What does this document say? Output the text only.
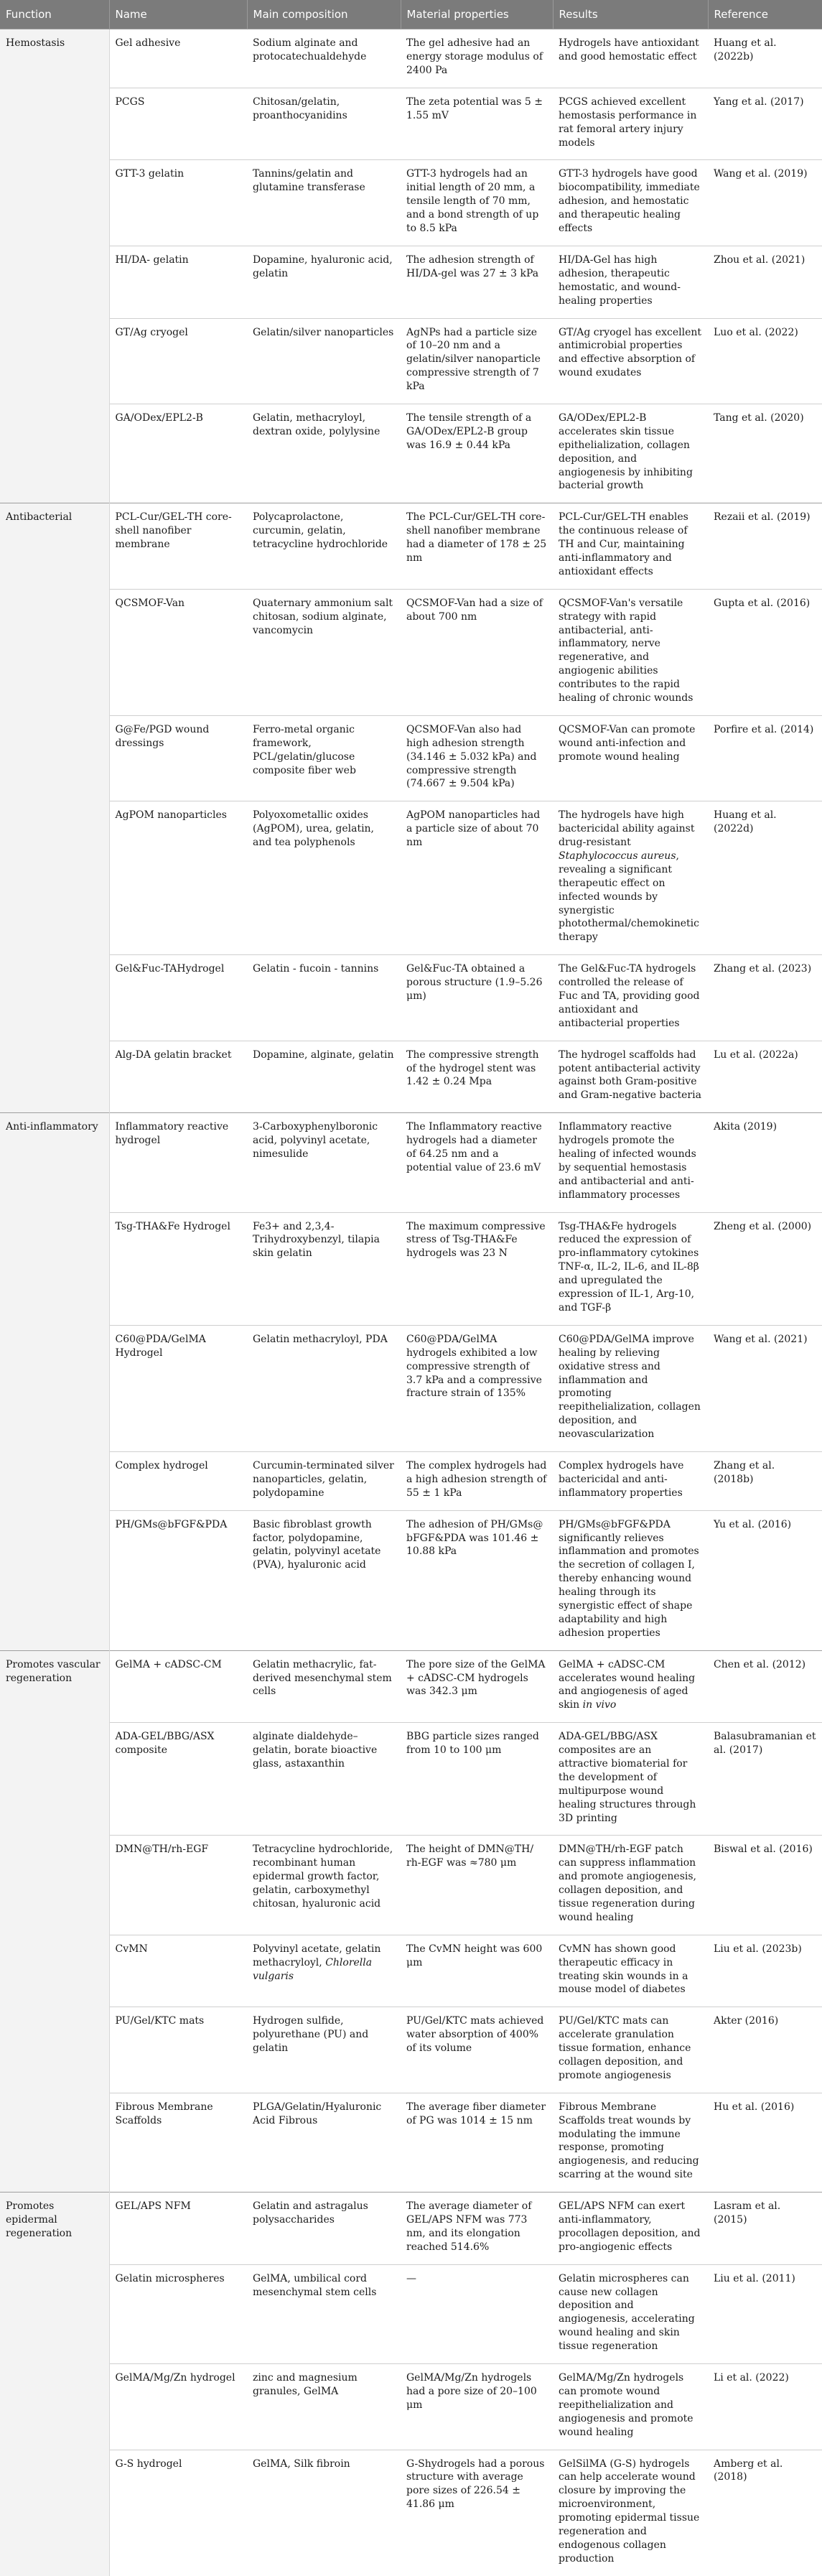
Function	Name	Main composition	Material properties	Results	Reference
Hemostasis	Gel adhesive	Sodium alginate and protocatechualdehyde	The gel adhesive had an energy storage modulus of 2400 Pa	Hydrogels have antioxidant and good hemostatic effect	Huang et al. (2022b)
	PCGS	Chitosan/gelatin, proanthocyanidins	The zeta potential was 5 ± 1.55 mV	PCGS achieved excellent hemostasis performance in rat femoral artery injury models	Yang et al. (2017)
	GTT-3 gelatin	Tannins/gelatin and glutamine transferase	GTT-3 hydrogels had an initial length of 20 mm, a tensile length of 70 mm, and a bond strength of up to 8.5 kPa	GTT-3 hydrogels have good biocompatibility, immediate adhesion, and hemostatic and therapeutic healing effects	Wang et al. (2019)
	HI/DA- gelatin	Dopamine, hyaluronic acid, gelatin	The adhesion strength of HI/DA-gel was 27 ± 3 kPa	HI/DA-Gel has high adhesion, therapeutic hemostatic, and wound-healing properties	Zhou et al. (2021)
	GT/Ag cryogel	Gelatin/silver nanoparticles	AgNPs had a particle size of 10–20 nm and a gelatin/silver nanoparticle compressive strength of 7 kPa	GT/Ag cryogel has excellent antimicrobial properties and effective absorption of wound exudates	Luo et al. (2022)
	GA/ODex/EPL2-B	Gelatin, methacryloyl, dextran oxide, polylysine	The tensile strength of a GA/ODex/EPL2-B group was 16.9 ± 0.44 kPa	GA/ODex/EPL2-B accelerates skin tissue epithelialization, collagen deposition, and angiogenesis by inhibiting bacterial growth	Tang et al. (2020)
Antibacterial	PCL-Cur/GEL-TH core-shell nanofiber membrane	Polycaprolactone, curcumin, gelatin, tetracycline hydrochloride	The PCL-Cur/GEL-TH core-shell nanofiber membrane had a diameter of 178 ± 25 nm	PCL-Cur/GEL-TH enables the continuous release of TH and Cur, maintaining anti-inflammatory and antioxidant effects	Rezaii et al. (2019)
	QCSMOF-Van	Quaternary ammonium salt chitosan, sodium alginate, vancomycin	QCSMOF-Van had a size of about 700 nm	QCSMOF-Van's versatile strategy with rapid antibacterial, anti-inflammatory, nerve regenerative, and angiogenic abilities contributes to the rapid healing of chronic wounds	Gupta et al. (2016)
	G@Fe/PGD wound dressings	Ferro-metal organic framework, PCL/gelatin/glucose composite fiber web	QCSMOF-Van also had high adhesion strength (34.146 ± 5.032 kPa) and compressive strength (74.667 ± 9.504 kPa)	QCSMOF-Van can promote wound anti-infection and promote wound healing	Porfire et al. (2014)
	AgPOM nanoparticles	Polyoxometallic oxides (AgPOM), urea, gelatin, and tea polyphenols	AgPOM nanoparticles had a particle size of about 70 nm	The hydrogels have high bactericidal ability against drug-resistant Staphylococcus aureus, revealing a significant therapeutic effect on infected wounds by synergistic photothermal/chemokinetic therapy	Huang et al. (2022d)
	Gel&Fuc-TAHydrogel	Gelatin - fucoin - tannins	Gel&Fuc-TA obtained a porous structure (1.9–5.26 μm)	The Gel&Fuc-TA hydrogels controlled the release of Fuc and TA, providing good antioxidant and antibacterial properties	Zhang et al. (2023)
	Alg-DA gelatin bracket	Dopamine, alginate, gelatin	The compressive strength of the hydrogel stent was 1.42 ± 0.24 Mpa	The hydrogel scaffolds had potent antibacterial activity against both Gram-positive and Gram-negative bacteria	Lu et al. (2022a)
Anti-inflammatory	Inflammatory reactive hydrogel	3-Carboxyphenylboronic acid, polyvinyl acetate, nimesulide	The Inflammatory reactive hydrogels had a diameter of 64.25 nm and a potential value of 23.6 mV	Inflammatory reactive hydrogels promote the healing of infected wounds by sequential hemostasis and antibacterial and anti-inflammatory processes	Akita (2019)
	Tsg-THA&Fe Hydrogel	Fe3+ and 2,3,4-Trihydroxybenzyl, tilapia skin gelatin	The maximum compressive stress of Tsg-THA&Fe hydrogels was 23 N	Tsg-THA&Fe hydrogels reduced the expression of pro-inflammatory cytokines TNF-α, IL-2, IL-6, and IL-8β and upregulated the expression of IL-1, Arg-10, and TGF-β	Zheng et al. (2000)
	C60@PDA/GelMA Hydrogel	Gelatin methacryloyl, PDA	C60@PDA/GelMA hydrogels exhibited a low compressive strength of 3.7 kPa and a compressive fracture strain of 135%	C60@PDA/GelMA improve healing by relieving oxidative stress and inflammation and promoting reepithelialization, collagen deposition, and neovascularization	Wang et al. (2021)
	Complex hydrogel	Curcumin-terminated silver nanoparticles, gelatin, polydopamine	The complex hydrogels had a high adhesion strength of 55 ± 1 kPa	Complex hydrogels have bactericidal and anti-inflammatory properties	Zhang et al. (2018b)
	PH/GMs@bFGF&PDA	Basic fibroblast growth factor, polydopamine, gelatin, polyvinyl acetate (PVA), hyaluronic acid	The adhesion of PH/GMs@ bFGF&PDA was 101.46 ± 10.88 kPa	PH/GMs@bFGF&PDA significantly relieves inflammation and promotes the secretion of collagen I, thereby enhancing wound healing through its synergistic effect of shape adaptability and high adhesion properties	Yu et al. (2016)
Promotes vascular regeneration	GelMA + cADSC-CM	Gelatin methacrylic, fat-derived mesenchymal stem cells	The pore size of the GelMA + cADSC-CM hydrogels was 342.3 μm	GelMA + cADSC-CM accelerates wound healing and angiogenesis of aged skin in vivo	Chen et al. (2012)
	ADA-GEL/BBG/ASX composite	alginate dialdehyde–gelatin, borate bioactive glass, astaxanthin	BBG particle sizes ranged from 10 to 100 μm	ADA-GEL/BBG/ASX composites are an attractive biomaterial for the development of multipurpose wound healing structures through 3D printing	Balasubramanian et al. (2017)
	DMN@TH/rh-EGF	Tetracycline hydrochloride, recombinant human epidermal growth factor, gelatin, carboxymethyl chitosan, hyaluronic acid	The height of DMN@TH/ rh-EGF was ≈780 μm	DMN@TH/rh-EGF patch can suppress inflammation and promote angiogenesis, collagen deposition, and tissue regeneration during wound healing	Biswal et al. (2016)
	CvMN	Polyvinyl acetate, gelatin methacryloyl, Chlorella vulgaris	The CvMN height was 600 μm	CvMN has shown good therapeutic efficacy in treating skin wounds in a mouse model of diabetes	Liu et al. (2023b)
	PU/Gel/KTC mats	Hydrogen sulfide, polyurethane (PU) and gelatin	PU/Gel/KTC mats achieved water absorption of 400% of its volume	PU/Gel/KTC mats can accelerate granulation tissue formation, enhance collagen deposition, and promote angiogenesis	Akter (2016)
	Fibrous Membrane Scaffolds	PLGA/Gelatin/Hyaluronic Acid Fibrous	The average fiber diameter of PG was 1014 ± 15 nm	Fibrous Membrane Scaffolds treat wounds by modulating the immune response, promoting angiogenesis, and reducing scarring at the wound site	Hu et al. (2016)
Promotes epidermal regeneration	GEL/APS NFM	Gelatin and astragalus polysaccharides	The average diameter of GEL/APS NFM was 773 nm, and its elongation reached 514.6%	GEL/APS NFM can exert anti-inflammatory, procollagen deposition, and pro-angiogenic effects	Lasram et al. (2015)
	Gelatin microspheres	GelMA, umbilical cord mesenchymal stem cells	—	Gelatin microspheres can cause new collagen deposition and angiogenesis, accelerating wound healing and skin tissue regeneration	Liu et al. (2011)
	GelMA/Mg/Zn hydrogel	zinc and magnesium granules, GelMA	GelMA/Mg/Zn hydrogels had a pore size of 20–100 μm	GelMA/Mg/Zn hydrogels can promote wound reepithelialization and angiogenesis and promote wound healing	Li et al. (2022)
	G-S hydrogel	GelMA, Silk fibroin	G-Shydrogels had a porous structure with average pore sizes of 226.54 ± 41.86 μm	GelSilMA (G-S) hydrogels can help accelerate wound closure by improving the microenvironment, promoting epidermal tissue regeneration and endogenous collagen production	Amberg et al. (2018)
